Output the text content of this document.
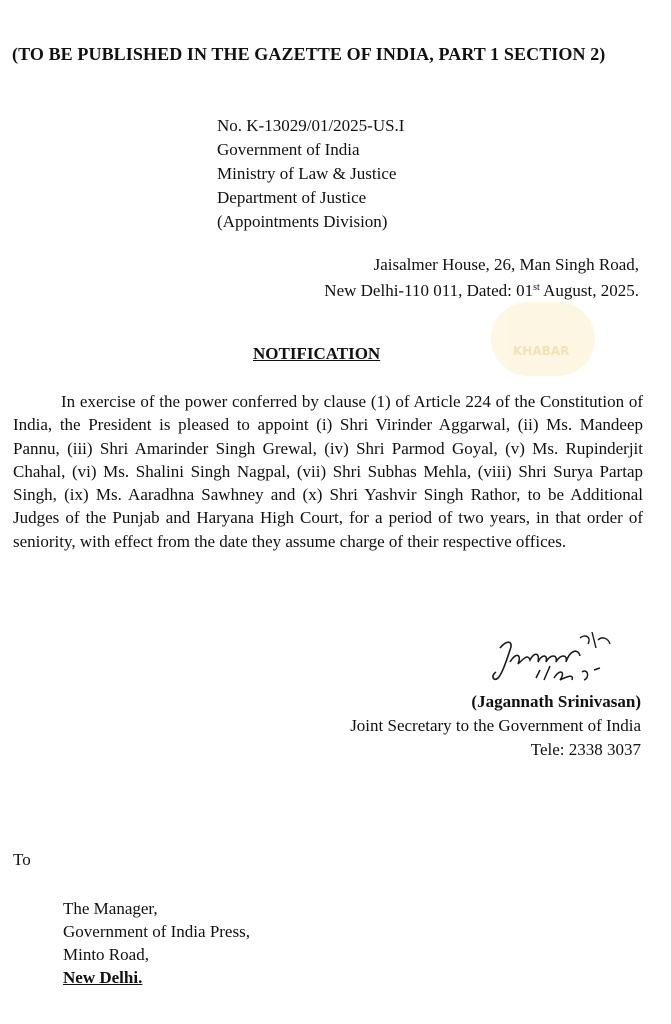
(TO BE PUBLISHED IN THE GAZETTE OF INDIA, PART 1 SECTION 2)
No. K-13029/01/2025-US.I
Government of India
Ministry of Law & Justice
Department of Justice
(Appointments Division)
KHABAR
Jaisalmer House, 26, Man Singh Road,
New Delhi-110 011, Dated: 01st August, 2025.
NOTIFICATION
In exercise of the power conferred by clause (1) of Article 224 of the Constitution of India, the President is pleased to appoint (i) Shri Virinder Aggarwal, (ii) Ms. Mandeep Pannu, (iii) Shri Amarinder Singh Grewal, (iv) Shri Parmod Goyal, (v) Ms. Rupinderjit Chahal, (vi) Ms. Shalini Singh Nagpal, (vii) Shri Subhas Mehla, (viii) Shri Surya Partap Singh, (ix) Ms. Aaradhna Sawhney and (x) Shri Yashvir Singh Rathor, to be Additional Judges of the Punjab and Haryana High Court, for a period of two years, in that order of seniority, with effect from the date they assume charge of their respective offices.
(Jagannath Srinivasan)
Joint Secretary to the Government of India
Tele: 2338 3037
To
The Manager,
Government of India Press,
Minto Road,
New Delhi.
